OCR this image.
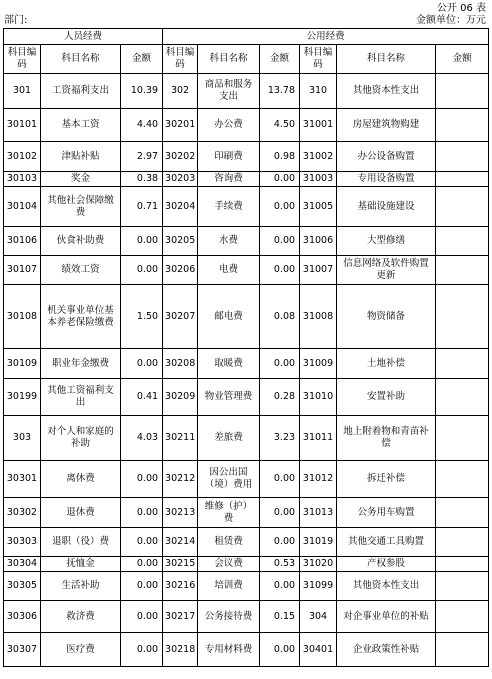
公开 06 表
部门:	金额单位：万元
人员经费			公用经费					
科目编码	科目名称	金额	科目编码	科目名称	金额	科目编码	科目名称	金额
301	工资福利支出	10.39	302	商品和服务支出	13.78	310	其他资本性支出	
30101	基本工资	4.40	30201	办公费	4.50	31001	房屋建筑物购建	
30102	津贴补贴	2.97	30202	印刷费	0.98	31002	办公设备购置	
30103	奖金	0.38	30203	咨询费	0.00	31003	专用设备购置	
30104	其他社会保障缴费	0.71	30204	手续费	0.00	31005	基础设施建设	
30106	伙食补助费	0.00	30205	水费	0.00	31006	大型修缮	
30107	绩效工资	0.00	30206	电费	0.00	31007	信息网络及软件购置更新	
30108	机关事业单位基本养老保险缴费	1.50	30207	邮电费	0.08	31008	物资储备	
30109	职业年金缴费	0.00	30208	取暖费	0.00	31009	土地补偿	
30199	其他工资福利支出	0.41	30209	物业管理费	0.28	31010	安置补助	
303	对个人和家庭的补助	4.03	30211	差旅费	3.23	31011	地上附着物和青苗补偿	
30301	离休费	0.00	30212	因公出国（境）费用	0.00	31012	拆迁补偿	
30302	退休费	0.00	30213	维修（护）费	0.00	31013	公务用车购置	
30303	退职（役）费	0.00	30214	租赁费	0.00	31019	其他交通工具购置	
30304	抚恤金	0.00	30215	会议费	0.53	31020	产权参股	
30305	生活补助	0.00	30216	培训费	0.00	31099	其他资本性支出	
30306	救济费	0.00	30217	公务接待费	0.15	304	对企事业单位的补贴	
30307	医疗费	0.00	30218	专用材料费	0.00	30401	企业政策性补贴	
